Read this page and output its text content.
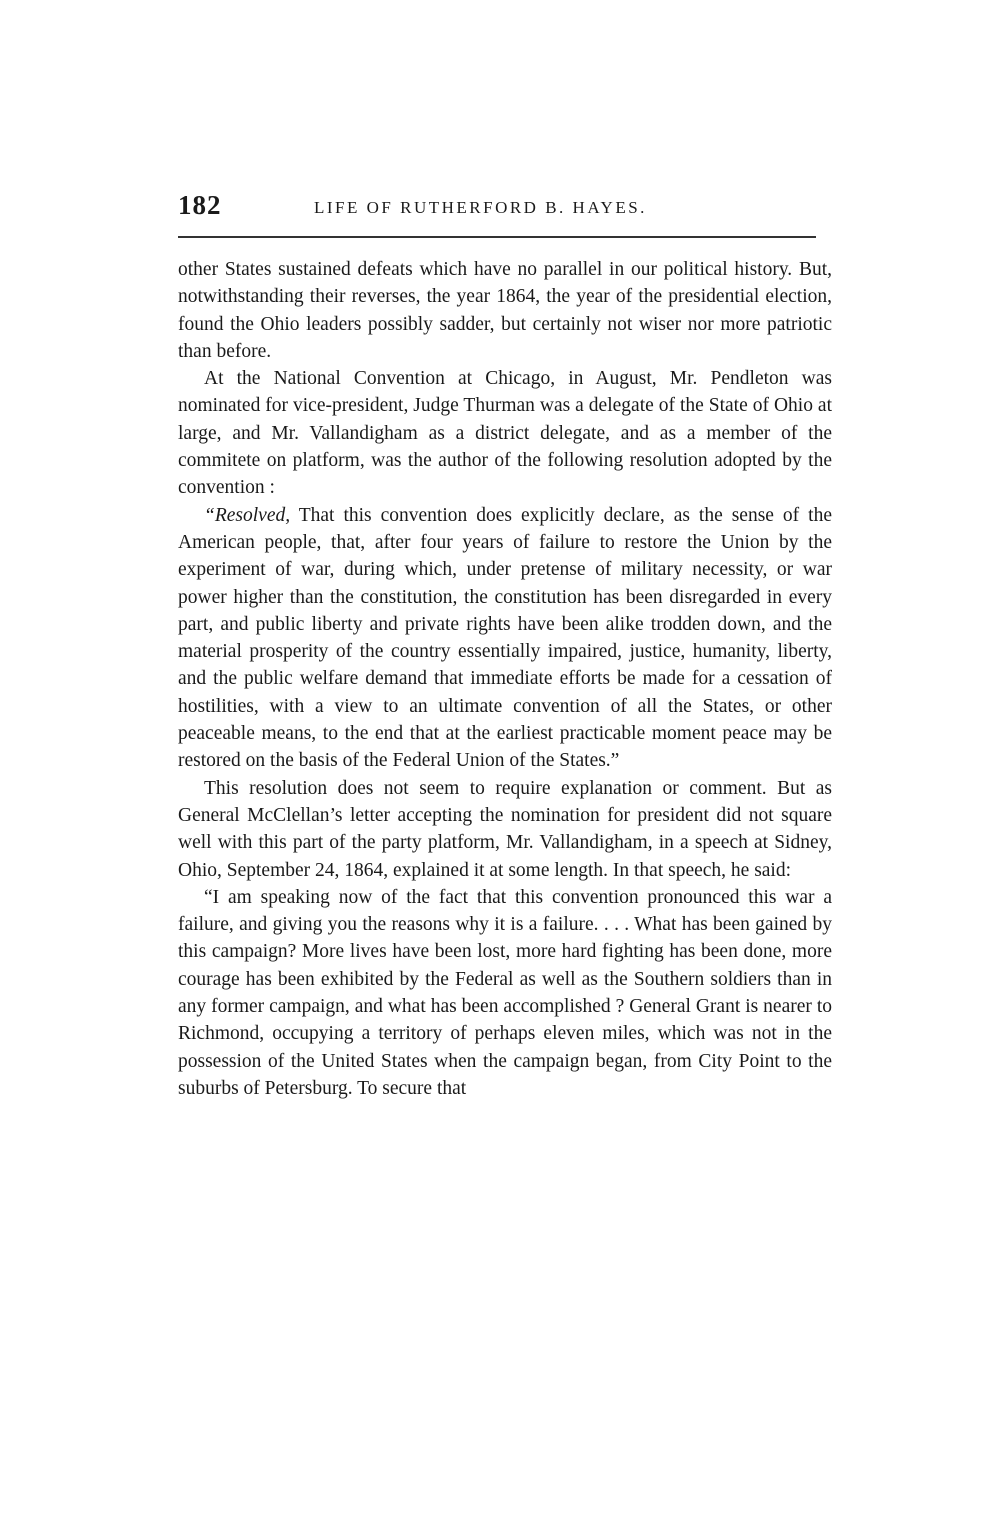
182	LIFE OF RUTHERFORD B. HAYES.

other States sustained defeats which have no parallel in our political history. But, notwithstanding their reverses, the year 1864, the year of the presidential election, found the Ohio leaders possibly sadder, but certainly not wiser nor more patriotic than before.

At the National Convention at Chicago, in August, Mr. Pendleton was nominated for vice-president, Judge Thurman was a delegate of the State of Ohio at large, and Mr. Vallandigham as a district delegate, and as a member of the commitete on platform, was the author of the following resolution adopted by the convention :

“Resolved, That this convention does explicitly declare, as the sense of the American people, that, after four years of failure to restore the Union by the experiment of war, during which, under pretense of military necessity, or war power higher than the constitution, the constitution has been disregarded in every part, and public liberty and private rights have been alike trodden down, and the material prosperity of the country essentially impaired, justice, humanity, liberty, and the public welfare demand that immediate efforts be made for a cessation of hostilities, with a view to an ultimate convention of all the States, or other peaceable means, to the end that at the earliest practicable moment peace may be restored on the basis of the Federal Union of the States.”

This resolution does not seem to require explanation or comment. But as General McClellan’s letter accepting the nomination for president did not square well with this part of the party platform, Mr. Vallandigham, in a speech at Sidney, Ohio, September 24, 1864, explained it at some length. In that speech, he said:

“I am speaking now of the fact that this convention pronounced this war a failure, and giving you the reasons why it is a failure. . . . What has been gained by this campaign? More lives have been lost, more hard fighting has been done, more courage has been exhibited by the Federal as well as the Southern soldiers than in any former campaign, and what has been accomplished ? General Grant is nearer to Richmond, occupying a territory of perhaps eleven miles, which was not in the possession of the United States when the campaign began, from City Point to the suburbs of Petersburg. To secure that
